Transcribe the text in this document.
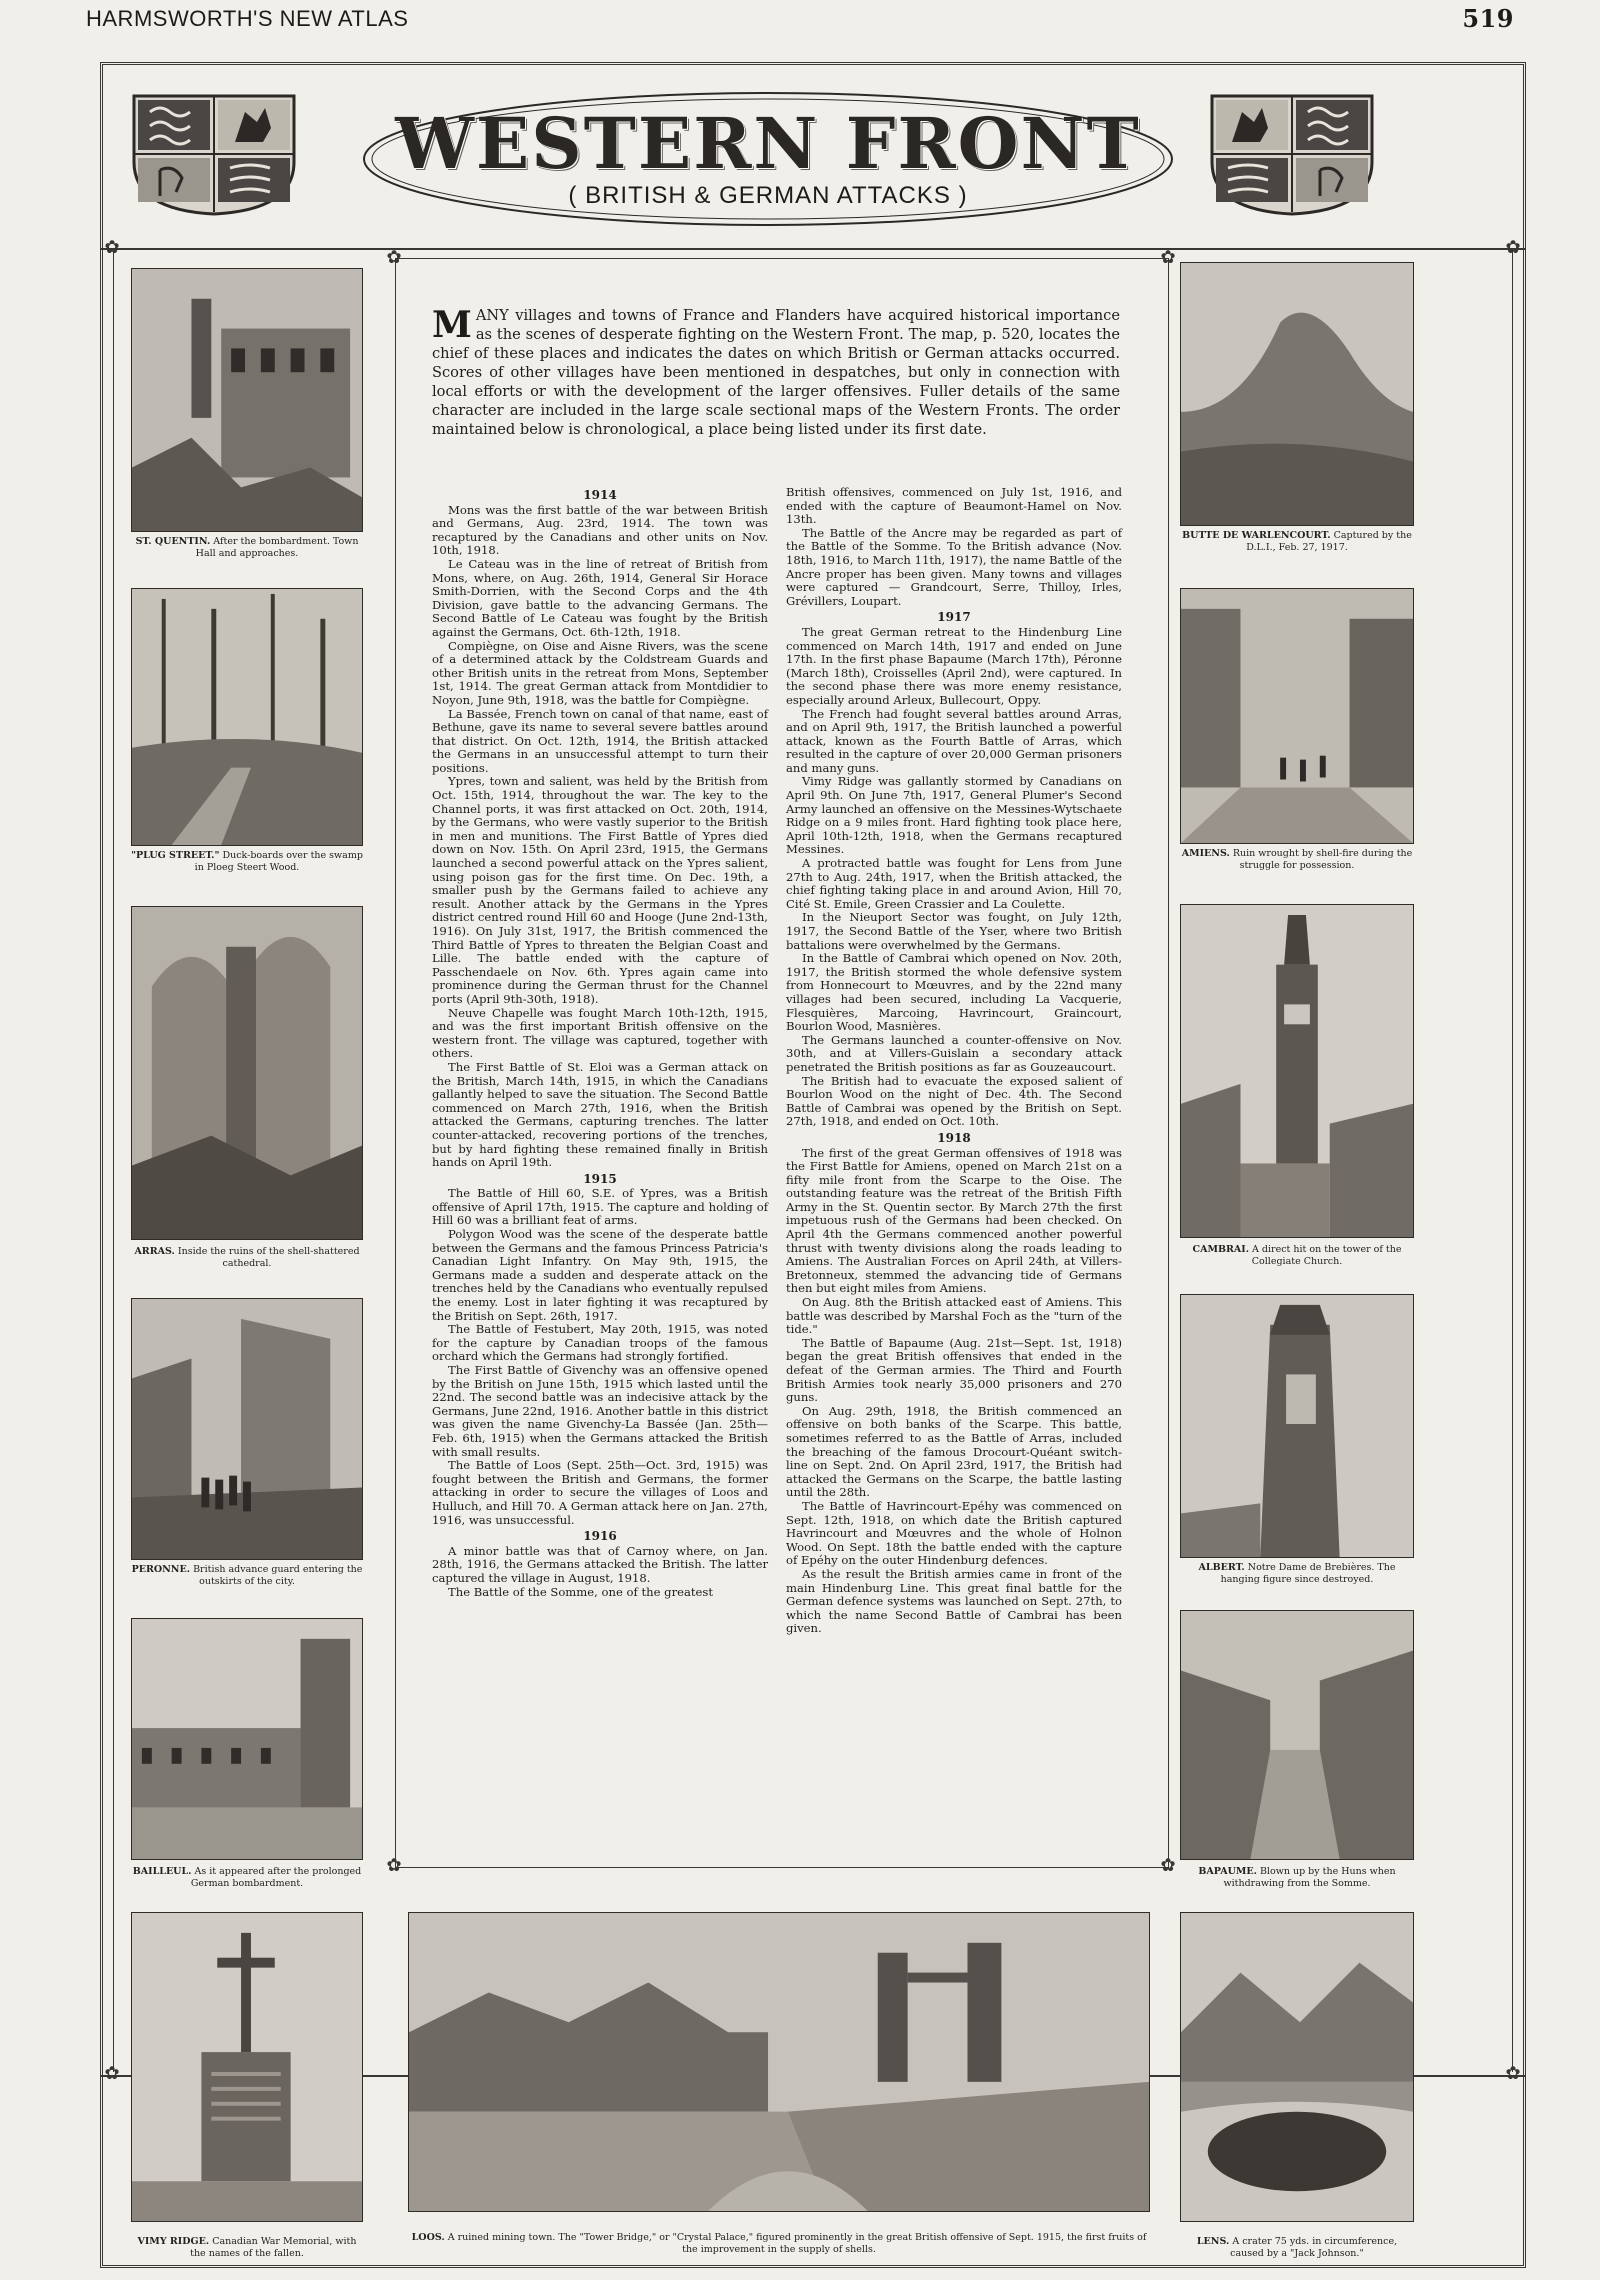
HARMSWORTH'S NEW ATLAS	519
✿	✿
✿	✿
✿	✿
✿	✿
WESTERN FRONT
( BRITISH & GERMAN ATTACKS )
ST. QUENTIN. After the bombardment. Town Hall and approaches.
"PLUG STREET." Duck-boards over the swamp in Ploeg Steert Wood.
ARRAS. Inside the ruins of the shell-shattered cathedral.
PERONNE. British advance guard entering the outskirts of the city.
BAILLEUL. As it appeared after the prolonged German bombardment.
VIMY RIDGE. Canadian War Memorial, with the names of the fallen.
BUTTE DE WARLENCOURT. Captured by the D.L.I., Feb. 27, 1917.
AMIENS. Ruin wrought by shell-fire during the struggle for possession.
CAMBRAI. A direct hit on the tower of the Collegiate Church.
ALBERT. Notre Dame de Brebières. The hanging figure since destroyed.
BAPAUME. Blown up by the Huns when withdrawing from the Somme.
LENS. A crater 75 yds. in circumference, caused by a "Jack Johnson."
LOOS. A ruined mining town. The "Tower Bridge," or "Crystal Palace," figured prominently in the great British offensive of Sept. 1915, the first fruits of the improvement in the supply of shells.
MANY villages and towns of France and Flanders have acquired historical importance as the scenes of desperate fighting on the Western Front. The map, p. 520, locates the chief of these places and indicates the dates on which British or German attacks occurred. Scores of other villages have been mentioned in despatches, but only in connection with local efforts or with the development of the larger offensives. Fuller details of the same character are included in the large scale sectional maps of the Western Fronts. The order maintained below is chronological, a place being listed under its first date.
1914

Mons was the first battle of the war between British and Germans, Aug. 23rd, 1914. The town was recaptured by the Canadians and other units on Nov. 10th, 1918.

Le Cateau was in the line of retreat of British from Mons, where, on Aug. 26th, 1914, General Sir Horace Smith-Dorrien, with the Second Corps and the 4th Division, gave battle to the advancing Germans. The Second Battle of Le Cateau was fought by the British against the Germans, Oct. 6th-12th, 1918.

Compiègne, on Oise and Aisne Rivers, was the scene of a determined attack by the Coldstream Guards and other British units in the retreat from Mons, September 1st, 1914. The great German attack from Montdidier to Noyon, June 9th, 1918, was the battle for Compiègne.

La Bassée, French town on canal of that name, east of Bethune, gave its name to several severe battles around that district. On Oct. 12th, 1914, the British attacked the Germans in an unsuccessful attempt to turn their positions.

Ypres, town and salient, was held by the British from Oct. 15th, 1914, throughout the war. The key to the Channel ports, it was first attacked on Oct. 20th, 1914, by the Germans, who were vastly superior to the British in men and munitions. The First Battle of Ypres died down on Nov. 15th. On April 23rd, 1915, the Germans launched a second powerful attack on the Ypres salient, using poison gas for the first time. On Dec. 19th, a smaller push by the Germans failed to achieve any result. Another attack by the Germans in the Ypres district centred round Hill 60 and Hooge (June 2nd-13th, 1916). On July 31st, 1917, the British commenced the Third Battle of Ypres to threaten the Belgian Coast and Lille. The battle ended with the capture of Passchendaele on Nov. 6th. Ypres again came into prominence during the German thrust for the Channel ports (April 9th-30th, 1918).

Neuve Chapelle was fought March 10th-12th, 1915, and was the first important British offensive on the western front. The village was captured, together with others.

The First Battle of St. Eloi was a German attack on the British, March 14th, 1915, in which the Canadians gallantly helped to save the situation. The Second Battle commenced on March 27th, 1916, when the British attacked the Germans, capturing trenches. The latter counter-attacked, recovering portions of the trenches, but by hard fighting these remained finally in British hands on April 19th.

1915

The Battle of Hill 60, S.E. of Ypres, was a British offensive of April 17th, 1915. The capture and holding of Hill 60 was a brilliant feat of arms.

Polygon Wood was the scene of the desperate battle between the Germans and the famous Princess Patricia's Canadian Light Infantry. On May 9th, 1915, the Germans made a sudden and desperate attack on the trenches held by the Canadians who eventually repulsed the enemy. Lost in later fighting it was recaptured by the British on Sept. 26th, 1917.

The Battle of Festubert, May 20th, 1915, was noted for the capture by Canadian troops of the famous orchard which the Germans had strongly fortified.

The First Battle of Givenchy was an offensive opened by the British on June 15th, 1915 which lasted until the 22nd. The second battle was an indecisive attack by the Germans, June 22nd, 1916. Another battle in this district was given the name Givenchy-La Bassée (Jan. 25th—Feb. 6th, 1915) when the Germans attacked the British with small results.

The Battle of Loos (Sept. 25th—Oct. 3rd, 1915) was fought between the British and Germans, the former attacking in order to secure the villages of Loos and Hulluch, and Hill 70. A German attack here on Jan. 27th, 1916, was unsuccessful.

1916

A minor battle was that of Carnoy where, on Jan. 28th, 1916, the Germans attacked the British. The latter captured the village in August, 1918.

The Battle of the Somme, one of the greatest

British offensives, commenced on July 1st, 1916, and ended with the capture of Beaumont-Hamel on Nov. 13th.

The Battle of the Ancre may be regarded as part of the Battle of the Somme. To the British advance (Nov. 18th, 1916, to March 11th, 1917), the name Battle of the Ancre proper has been given. Many towns and villages were captured — Grandcourt, Serre, Thilloy, Irles, Grévillers, Loupart.

1917

The great German retreat to the Hindenburg Line commenced on March 14th, 1917 and ended on June 17th. In the first phase Bapaume (March 17th), Péronne (March 18th), Croisselles (April 2nd), were captured. In the second phase there was more enemy resistance, especially around Arleux, Bullecourt, Oppy.

The French had fought several battles around Arras, and on April 9th, 1917, the British launched a powerful attack, known as the Fourth Battle of Arras, which resulted in the capture of over 20,000 German prisoners and many guns.

Vimy Ridge was gallantly stormed by Canadians on April 9th. On June 7th, 1917, General Plumer's Second Army launched an offensive on the Messines-Wytschaete Ridge on a 9 miles front. Hard fighting took place here, April 10th-12th, 1918, when the Germans recaptured Messines.

A protracted battle was fought for Lens from June 27th to Aug. 24th, 1917, when the British attacked, the chief fighting taking place in and around Avion, Hill 70, Cité St. Emile, Green Crassier and La Coulette.

In the Nieuport Sector was fought, on July 12th, 1917, the Second Battle of the Yser, where two British battalions were overwhelmed by the Germans.

In the Battle of Cambrai which opened on Nov. 20th, 1917, the British stormed the whole defensive system from Honnecourt to Mœuvres, and by the 22nd many villages had been secured, including La Vacquerie, Flesquières, Marcoing, Havrincourt, Graincourt, Bourlon Wood, Masnières.

The Germans launched a counter-offensive on Nov. 30th, and at Villers-Guislain a secondary attack penetrated the British positions as far as Gouzeaucourt.

The British had to evacuate the exposed salient of Bourlon Wood on the night of Dec. 4th. The Second Battle of Cambrai was opened by the British on Sept. 27th, 1918, and ended on Oct. 10th.

1918

The first of the great German offensives of 1918 was the First Battle for Amiens, opened on March 21st on a fifty mile front from the Scarpe to the Oise. The outstanding feature was the retreat of the British Fifth Army in the St. Quentin sector. By March 27th the first impetuous rush of the Germans had been checked. On April 4th the Germans commenced another powerful thrust with twenty divisions along the roads leading to Amiens. The Australian Forces on April 24th, at Villers-Bretonneux, stemmed the advancing tide of Germans then but eight miles from Amiens.

On Aug. 8th the British attacked east of Amiens. This battle was described by Marshal Foch as the "turn of the tide."

The Battle of Bapaume (Aug. 21st—Sept. 1st, 1918) began the great British offensives that ended in the defeat of the German armies. The Third and Fourth British Armies took nearly 35,000 prisoners and 270 guns.

On Aug. 29th, 1918, the British commenced an offensive on both banks of the Scarpe. This battle, sometimes referred to as the Battle of Arras, included the breaching of the famous Drocourt-Quéant switch-line on Sept. 2nd. On April 23rd, 1917, the British had attacked the Germans on the Scarpe, the battle lasting until the 28th.

The Battle of Havrincourt-Epéhy was commenced on Sept. 12th, 1918, on which date the British captured Havrincourt and Mœuvres and the whole of Holnon Wood. On Sept. 18th the battle ended with the capture of Epéhy on the outer Hindenburg defences.

As the result the British armies came in front of the main Hindenburg Line. This great final battle for the German defence systems was launched on Sept. 27th, to which the name Second Battle of Cambrai has been given.
